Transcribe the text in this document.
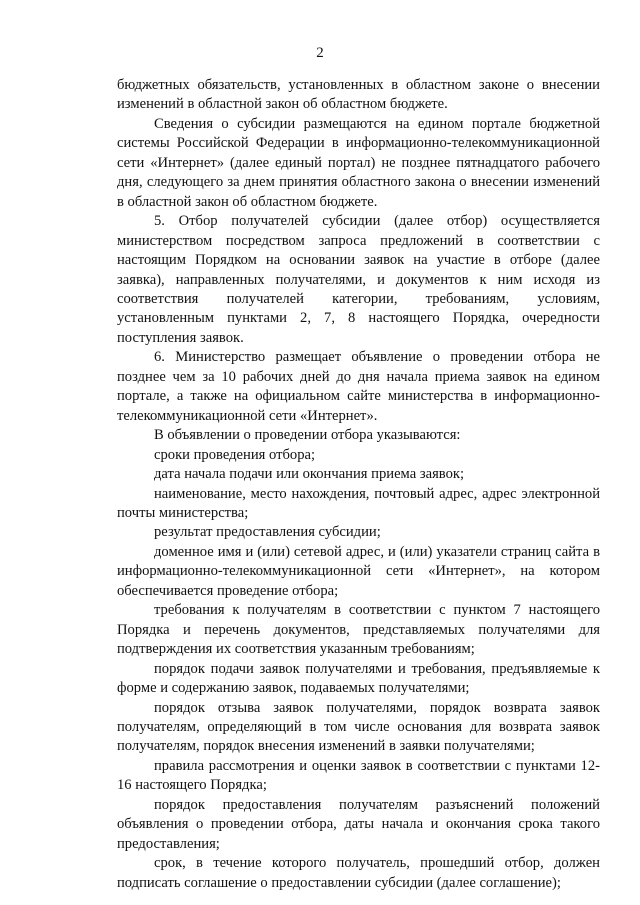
2

бюджетных обязательств, установленных в областном законе о внесении изменений в областной закон об областном бюджете.

Сведения о субсидии размещаются на едином портале бюджетной системы Российской Федерации в информационно-телекоммуникационной сети «Интернет» (далее единый портал) не позднее пятнадцатого рабочего дня, следующего за днем принятия областного закона о внесении изменений в областной закон об областном бюджете.

5. Отбор получателей субсидии (далее отбор) осуществляется министерством посредством запроса предложений в соответствии с настоящим Порядком на основании заявок на участие в отборе (далее заявка), направленных получателями, и документов к ним исходя из соответствия получателей категории, требованиям, условиям, установленным пунктами 2, 7, 8 настоящего Порядка, очередности поступления заявок.

6. Министерство размещает объявление о проведении отбора не позднее чем за 10 рабочих дней до дня начала приема заявок на едином портале, а также на официальном сайте министерства в информационно-телекоммуникационной сети «Интернет».

В объявлении о проведении отбора указываются:

сроки проведения отбора;

дата начала подачи или окончания приема заявок;

наименование, место нахождения, почтовый адрес, адрес электронной почты министерства;

результат предоставления субсидии;

доменное имя и (или) сетевой адрес, и (или) указатели страниц сайта в информационно-телекоммуникационной сети «Интернет», на котором обеспечивается проведение отбора;

требования к получателям в соответствии с пунктом 7 настоящего Порядка и перечень документов, представляемых получателями для подтверждения их соответствия указанным требованиям;

порядок подачи заявок получателями и требования, предъявляемые к форме и содержанию заявок, подаваемых получателями;

порядок отзыва заявок получателями, порядок возврата заявок получателям, определяющий в том числе основания для возврата заявок получателям, порядок внесения изменений в заявки получателями;

правила рассмотрения и оценки заявок в соответствии с пунктами 12-16 настоящего Порядка;

порядок предоставления получателям разъяснений положений объявления о проведении отбора, даты начала и окончания срока такого предоставления;

срок, в течение которого получатель, прошедший отбор, должен подписать соглашение о предоставлении субсидии (далее соглашение);
